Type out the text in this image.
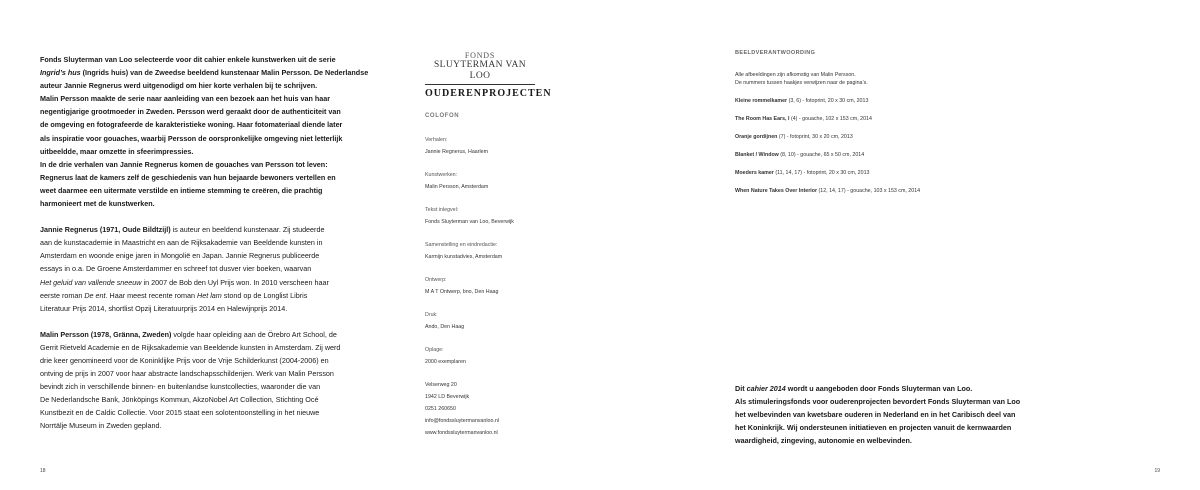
Fonds Sluyterman van Loo selecteerde voor dit cahier enkele kunstwerken uit de serie
Ingrid’s hus (Ingrids huis) van de Zweedse beeldend kunstenaar Malin Persson. De Nederlandse
auteur Jannie Regnerus werd uitgenodigd om hier korte verhalen bij te schrijven.
Malin Persson maakte de serie naar aanleiding van een bezoek aan het huis van haar
negentigjarige grootmoeder in Zweden. Persson werd geraakt door de authenticiteit van
de omgeving en fotografeerde de karakteristieke woning. Haar fotomateriaal diende later
als inspiratie voor gouaches, waarbij Persson de oorspronkelijke omgeving niet letterlijk
uitbeeldde, maar omzette in sfeerimpressies.
In de drie verhalen van Jannie Regnerus komen de gouaches van Persson tot leven:
Regnerus laat de kamers zelf de geschiedenis van hun bejaarde bewoners vertellen en
weet daarmee een uitermate verstilde en intieme stemming te creëren, die prachtig
harmonieert met de kunstwerken.

Jannie Regnerus (1971, Oude Bildtzijl) is auteur en beeldend kunstenaar. Zij studeerde
aan de kunstacademie in Maastricht en aan de Rijksakademie van Beeldende kunsten in
Amsterdam en woonde enige jaren in Mongolië en Japan. Jannie Regnerus publiceerde
essays in o.a. De Groene Amsterdammer en schreef tot dusver vier boeken, waarvan
Het geluid van vallende sneeuw in 2007 de Bob den Uyl Prijs won. In 2010 verscheen haar
eerste roman De ent. Haar meest recente roman Het lam stond op de Longlist Libris
Literatuur Prijs 2014, shortlist Opzij Literatuurprijs 2014 en Halewijnprijs 2014.

Malin Persson (1978, Gränna, Zweden) volgde haar opleiding aan de Örebro Art School, de
Gerrit Rietveld Academie en de Rijksakademie van Beeldende kunsten in Amsterdam. Zij werd
drie keer genomineerd voor de Koninklijke Prijs voor de Vrije Schilderkunst (2004-2006) en
ontving de prijs in 2007 voor haar abstracte landschapsschilderijen. Werk van Malin Persson
bevindt zich in verschillende binnen- en buitenlandse kunstcollecties, waaronder die van
De Nederlandsche Bank, Jönköpings Kommun, AkzoNobel Art Collection, Stichting Océ
Kunstbezit en de Caldic Collectie. Voor 2015 staat een solotentoonstelling in het nieuwe
Norrtälje Museum in Zweden gepland.

FONDS
SLUYTERMAN VAN LOO
OUDERENPROJECTEN
COLOFON
Verhalen:
Jannie Regnerus, Haarlem
Kunstwerken:
Malin Persson, Amsterdam
Tekst inlegvel:
Fonds Sluyterman van Loo, Beverwijk
Samenstelling en eindredactie:
Karmijn kunstadvies, Amsterdam
Ontwerp:
M A T Ontwerp, bno, Den Haag
Druk:
Ando, Den Haag
Oplage:
2000 exemplaren
Velserweg 20
1942 LD Beverwijk
0251 260650
info@fondssluytermanvanloo.nl
www.fondssluytermanvanloo.nl
18
BEELDVERANTWOORDING
Alle afbeeldingen zijn afkomstig van Malin Persson.
De nummers tussen haakjes verwijzen naar de pagina’s.
Kleine rommelkamer (3, 6) - fotoprint, 20 x 30 cm, 2013
The Room Has Ears, I (4) - gouache, 102 x 153 cm, 2014
Oranje gordijnen (7) - fotoprint, 30 x 20 cm, 2013
Blanket / Window (8, 10) - gouache, 65 x 50 cm, 2014
Moeders kamer (11, 14, 17) - fotoprint, 20 x 30 cm, 2013
When Nature Takes Over Interior (12, 14, 17) - gouache, 103 x 153 cm, 2014

Dit cahier 2014 wordt u aangeboden door Fonds Sluyterman van Loo.
Als stimuleringsfonds voor ouderenprojecten bevordert Fonds Sluyterman van Loo
het welbevinden van kwetsbare ouderen in Nederland en in het Caribisch deel van
het Koninkrijk. Wij ondersteunen initiatieven en projecten vanuit de kernwaarden
waardigheid, zingeving, autonomie en welbevinden.

19
